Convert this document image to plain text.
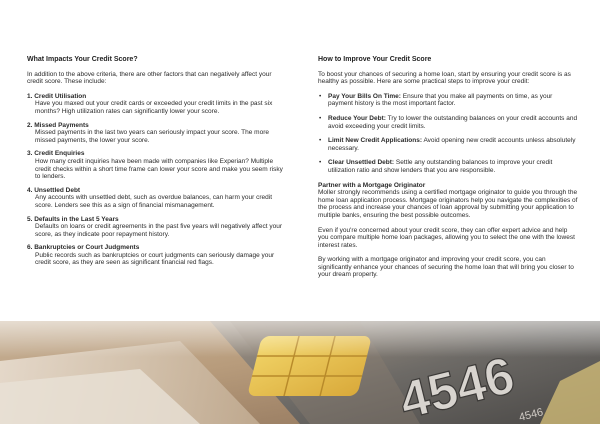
What Impacts Your Credit Score?

In addition to the above criteria, there are other factors that can negatively affect your credit score. These include:

1. Credit Utilisation
Have you maxed out your credit cards or exceeded your credit limits in the past six months? High utilization rates can significantly lower your score.
2. Missed Payments
Missed payments in the last two years can seriously impact your score. The more missed payments, the lower your score.
3. Credit Enquiries
How many credit inquiries have been made with companies like Experian? Multiple credit checks within a short time frame can lower your score and make you seem risky to lenders.
4. Unsettled Debt
Any accounts with unsettled debt, such as overdue balances, can harm your credit score. Lenders see this as a sign of financial mismanagement.
5. Defaults in the Last 5 Years
Defaults on loans or credit agreements in the past five years will negatively affect your score, as they indicate poor repayment history.
6. Bankruptcies or Court Judgments
Public records such as bankruptcies or court judgments can seriously damage your credit score, as they are seen as significant financial red flags.
How to Improve Your Credit Score

To boost your chances of securing a home loan, start by ensuring your credit score is as healthy as possible. Here are some practical steps to improve your credit:

• Pay Your Bills On Time: Ensure that you make all payments on time, as your payment history is the most important factor.
• Reduce Your Debt: Try to lower the outstanding balances on your credit accounts and avoid exceeding your credit limits.
• Limit New Credit Applications: Avoid opening new credit accounts unless absolutely necessary.
• Clear Unsettled Debt: Settle any outstanding balances to improve your credit utilization ratio and show lenders that you are responsible.
Partner with a Mortgage Originator

Moller strongly recommends using a certified mortgage originator to guide you through the home loan application process. Mortgage originators help you navigate the complexities of the process and increase your chances of loan approval by submitting your application to multiple banks, ensuring the best possible outcomes.

Even if you're concerned about your credit score, they can offer expert advice and help you compare multiple home loan packages, allowing you to select the one with the lowest interest rates.

By working with a mortgage originator and improving your credit score, you can significantly enhance your chances of securing the home loan that will bring you closer to your dream property.
